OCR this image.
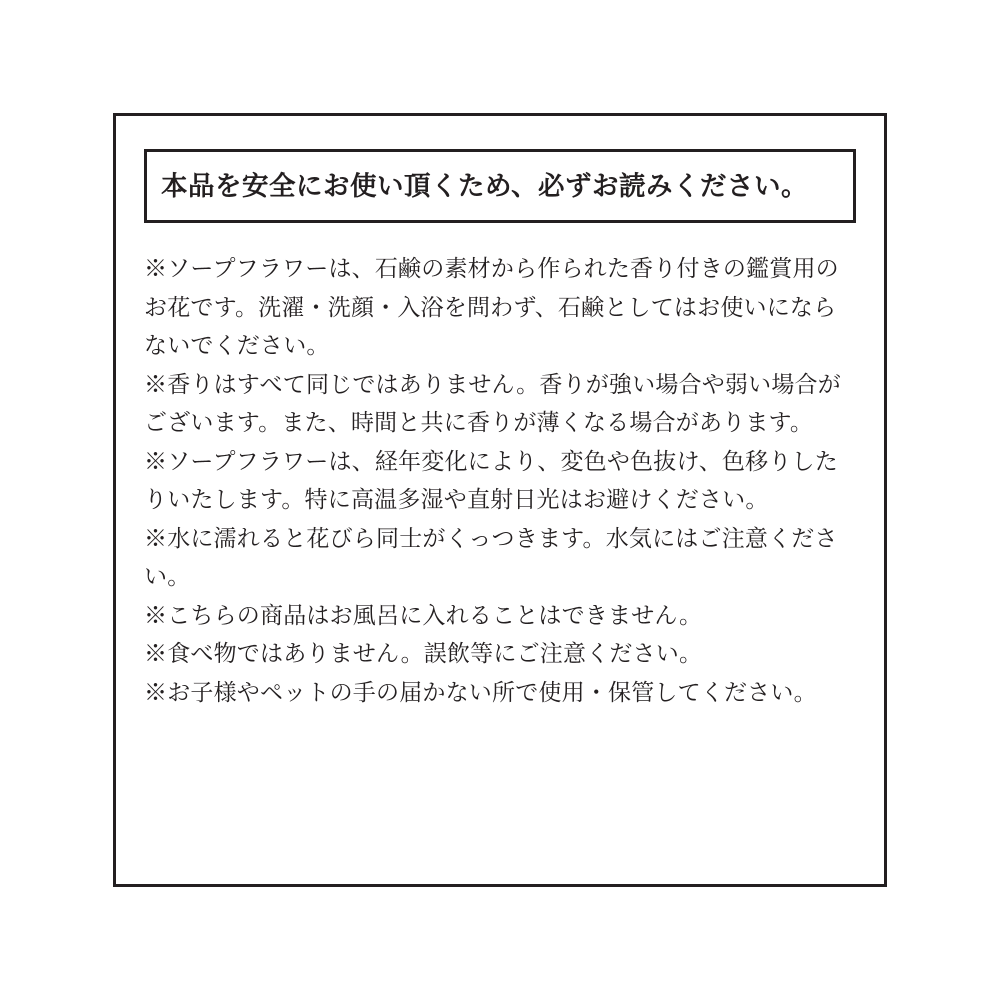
本品を安全にお使い頂くため、必ずお読みください。

※ソープフラワーは、石鹸の素材から作られた香り付きの鑑賞用のお花です。洗濯・洗顔・入浴を問わず、石鹸としてはお使いにならないでください。

※香りはすべて同じではありません。香りが強い場合や弱い場合がございます。また、時間と共に香りが薄くなる場合があります。

※ソープフラワーは、経年変化により、変色や色抜け、色移りしたりいたします。特に高温多湿や直射日光はお避けください。

※水に濡れると花びら同士がくっつきます。水気にはご注意ください。

※こちらの商品はお風呂に入れることはできません。

※食べ物ではありません。誤飲等にご注意ください。

※お子様やペットの手の届かない所で使用・保管してください。
